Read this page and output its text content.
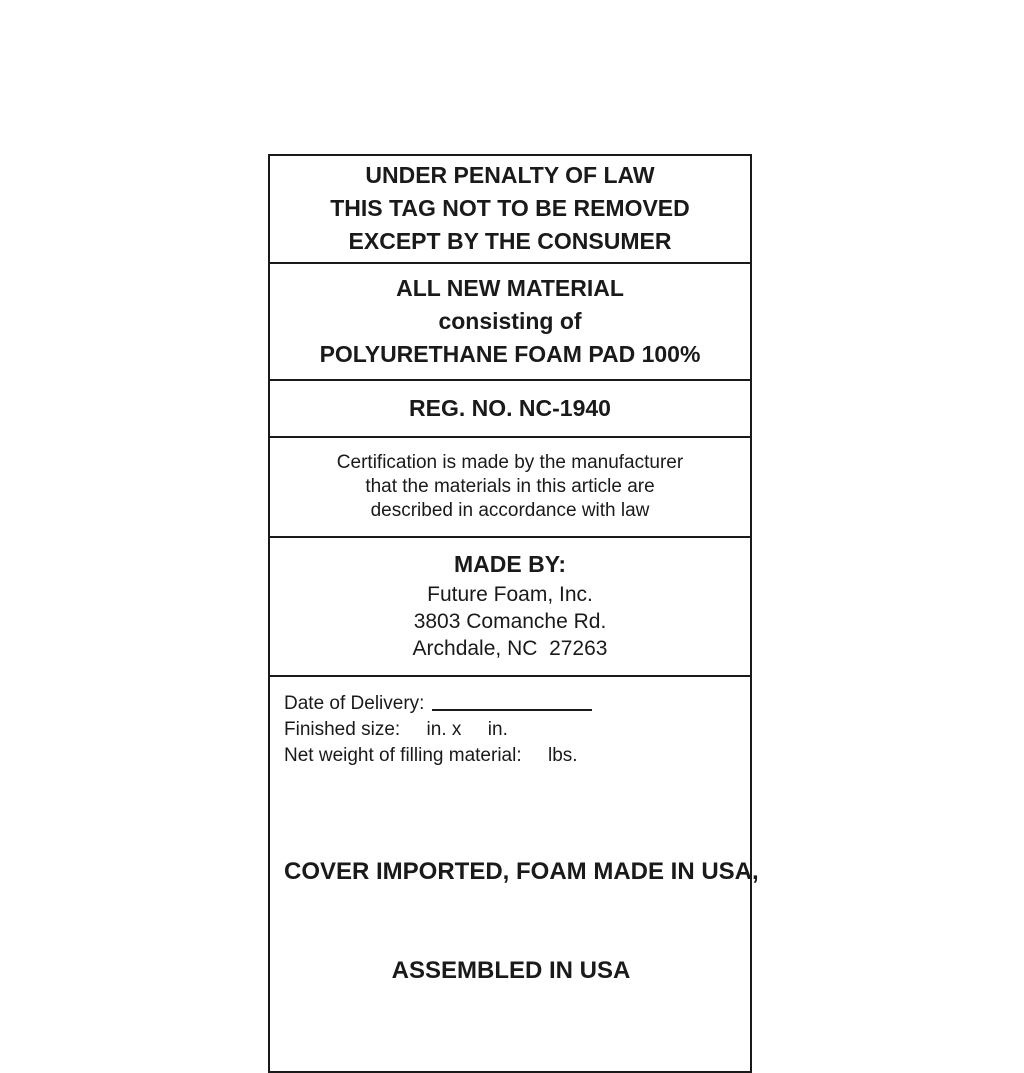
UNDER PENALTY OF LAW
THIS TAG NOT TO BE REMOVED
EXCEPT BY THE CONSUMER
ALL NEW MATERIAL
consisting of
POLYURETHANE FOAM PAD 100%
REG. NO. NC-1940
Certification is made by the manufacturer
that the materials in this article are
described in accordance with law
MADE BY:
Future Foam, Inc.
3803 Comanche Rd.
Archdale, NC  27263
Date of Delivery:
Finished size:     in. x     in.
Net weight of filling material:     lbs.

COVER IMPORTED, FOAM MADE IN USA,

ASSEMBLED IN USA
